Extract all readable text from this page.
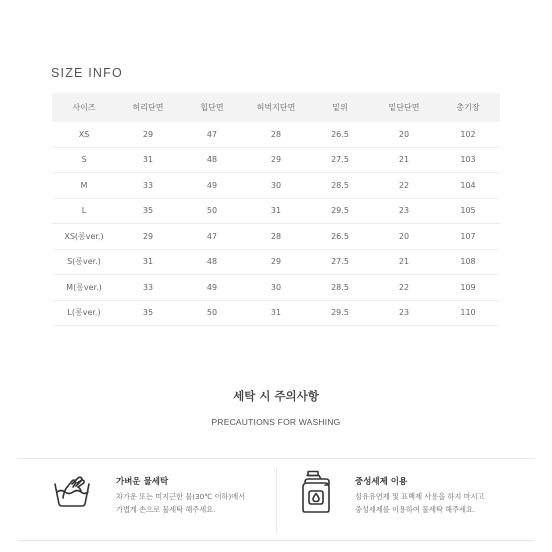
SIZE INFO
사이즈	허리단면	힙단면	허벅지단면	밑위	밑단단면	총기장
XS	29	47	28	26.5	20	102
S	31	48	29	27.5	21	103
M	33	49	30	28.5	22	104
L	35	50	31	29.5	23	105
XS(롱ver.)	29	47	28	26.5	20	107
S(롱ver.)	31	48	29	27.5	21	108
M(롱ver.)	33	49	30	28.5	22	109
L(롱ver.)	35	50	31	29.5	23	110
세탁 시 주의사항
PRECAUTIONS FOR WASHING
가벼운 물세탁
차가운 또는 미지근한 물(30℃ 이하)에서
가볍게 손으로 물세탁 해주세요.
중성세제 이용
섬유유연제 및 표백제 사용을 하지 마시고
중성세제를 이용하여 물세탁 해주세요.
